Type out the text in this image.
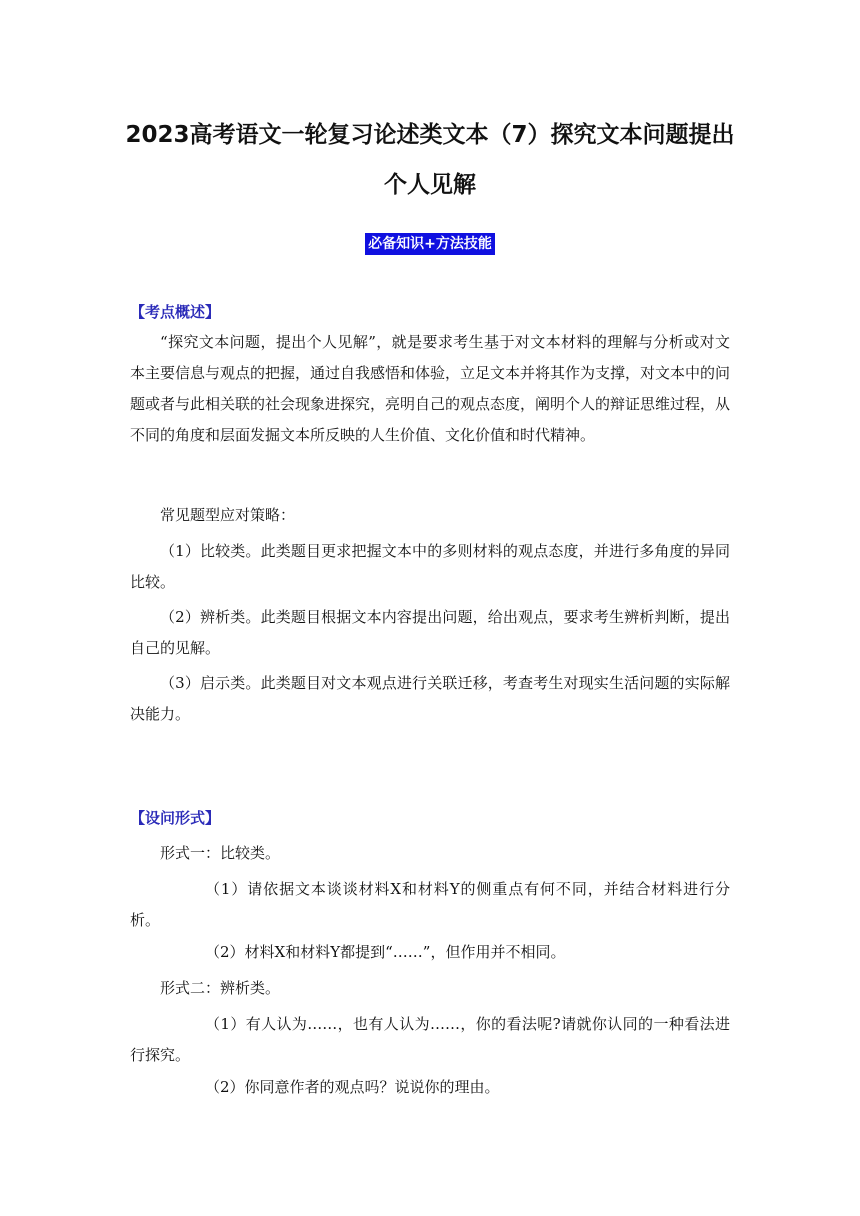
2023高考语文一轮复习论述类文本（7）探究文本问题提出个人见解
必备知识+方法技能
【考点概述】

“探究文本问题，提出个人见解”，就是要求考生基于对文本材料的理解与分析或对文本主要信息与观点的把握，通过自我感悟和体验，立足文本并将其作为支撑，对文本中的问题或者与此相关联的社会现象进探究，亮明自己的观点态度，阐明个人的辩证思维过程，从不同的角度和层面发掘文本所反映的人生价值、文化价值和时代精神。

常见题型应对策略：

（1）比较类。此类题目更求把握文本中的多则材料的观点态度，并进行多角度的异同比较。

（2）辨析类。此类题目根据文本内容提出问题，给出观点，要求考生辨析判断，提出自己的见解。

（3）启示类。此类题目对文本观点进行关联迁移，考查考生对现实生活问题的实际解决能力。

【设问形式】

形式一：比较类。

（1）请依据文本谈谈材料X和材料Y的侧重点有何不同，并结合材料进行分析。

（2）材料X和材料Y都提到“……”，但作用并不相同。

形式二：辨析类。

（1）有人认为……，也有人认为……，你的看法呢?请就你认同的一种看法进行探究。

（2）你同意作者的观点吗？说说你的理由。
